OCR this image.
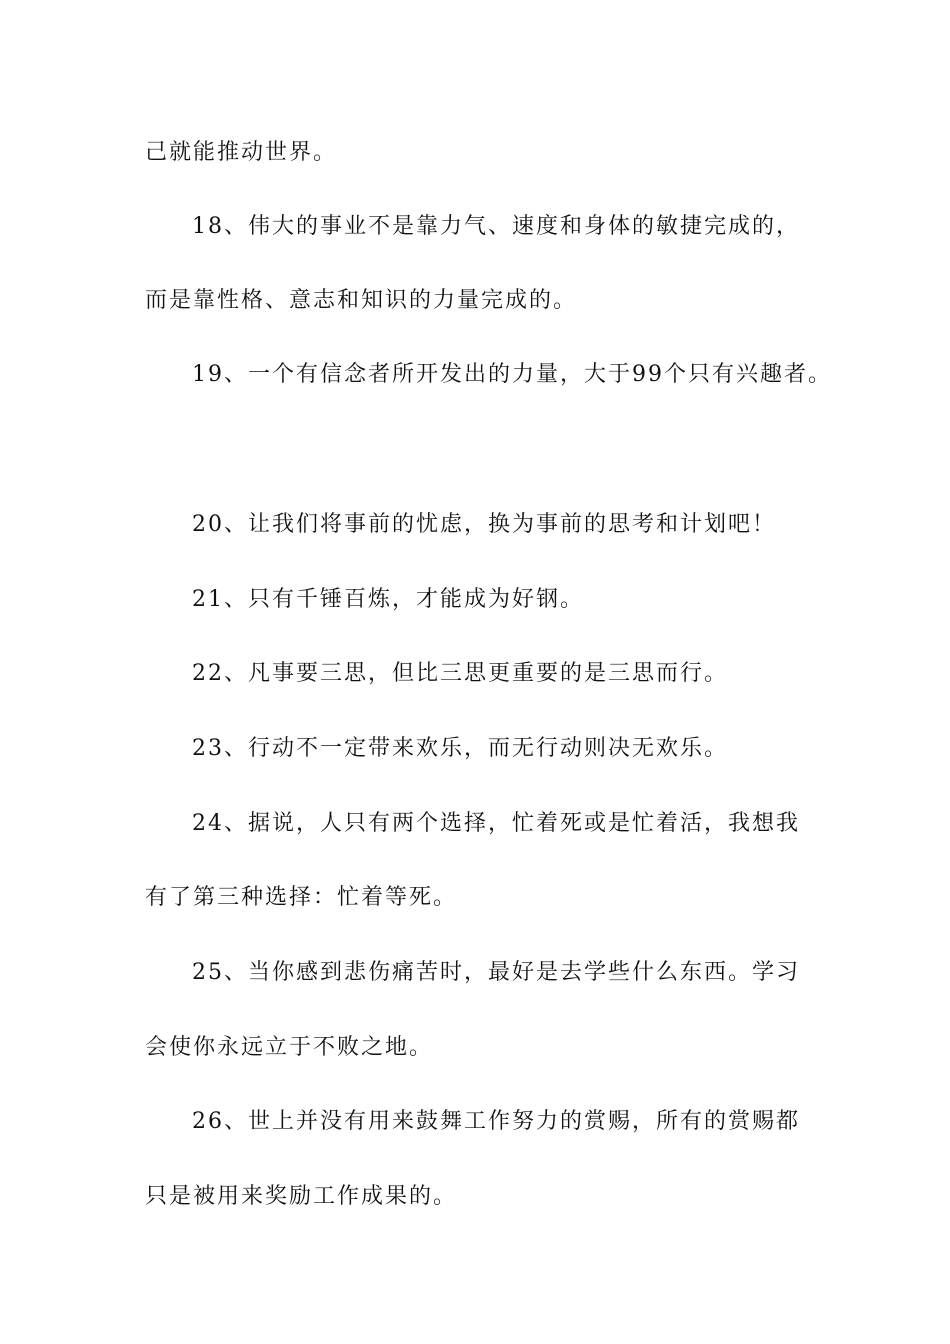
己就能推动世界。
18、伟大的事业不是靠力气、速度和身体的敏捷完成的，
而是靠性格、意志和知识的力量完成的。
19、一个有信念者所开发出的力量，大于99个只有兴趣者。
20、让我们将事前的忧虑，换为事前的思考和计划吧！
21、只有千锤百炼，才能成为好钢。
22、凡事要三思，但比三思更重要的是三思而行。
23、行动不一定带来欢乐，而无行动则决无欢乐。
24、据说，人只有两个选择，忙着死或是忙着活，我想我
有了第三种选择：忙着等死。
25、当你感到悲伤痛苦时，最好是去学些什么东西。学习
会使你永远立于不败之地。
26、世上并没有用来鼓舞工作努力的赏赐，所有的赏赐都
只是被用来奖励工作成果的。
